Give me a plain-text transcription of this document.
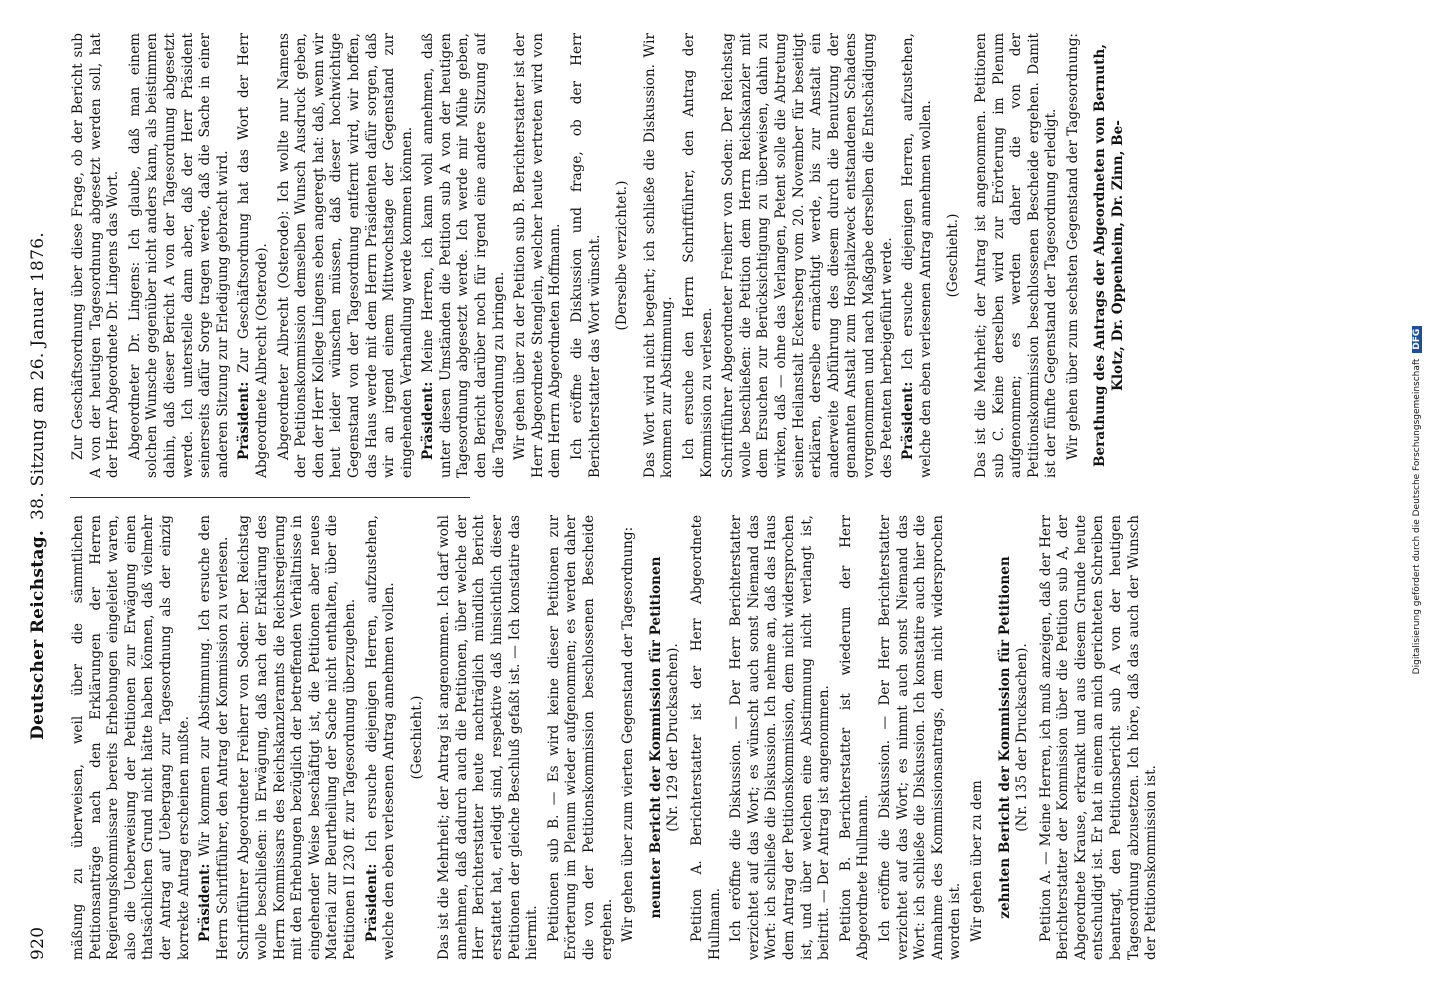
920
Deutscher Reichstag.
38. Sitzung am 26. Januar 1876.

mäßung zu überweisen, weil über die sämmtlichen Petitionsanträge nach den Erklärungen der Herren Regierungskommissare bereits Erhebungen eingeleitet waren, also die Ueberweisung der Petitionen zur Erwägung einen thatsächlichen Grund nicht hätte haben können, daß vielmehr der Antrag auf Uebergang zur Tagesordnung als der einzig korrekte Antrag erscheinen mußte. Präsident: Wir kommen zur Abstimmung. Ich ersuche den Herrn Schriftführer, den Antrag der Kommission zu verlesen. Schriftführer Abgeordneter Freiherr von Soden: Der Reichstag wolle beschließen: in Erwägung, daß nach der Erklärung des Herrn Kommissars des Reichskanzleramts die Reichsregierung mit den Erhebungen bezüglich der betreffenden Verhältnisse in eingehender Weise beschäftigt ist, die Petitionen aber neues Material zur Beurtheilung der Sache nicht enthalten, über die Petitionen II 230 ff. zur Tagesordnung überzugehen. Präsident: Ich ersuche diejenigen Herren, aufzustehen, welche den eben verlesenen Antrag annehmen wollen. (Geschieht.) Das ist die Mehrheit; der Antrag ist angenommen. Ich darf wohl annehmen, daß dadurch auch die Petitionen, über welche der Herr Berichterstatter heute nachträglich mündlich Bericht erstattet hat, erledigt sind, respektive daß hinsichtlich dieser Petitionen der gleiche Beschluß gefaßt ist. — Ich konstatire das hiermit. Petitionen sub B. — Es wird keine dieser Petitionen zur Erörterung im Plenum wieder aufgenommen; es werden daher die von der Petitionskommission beschlossenen Bescheide ergehen. Wir gehen über zum vierten Gegenstand der Tagesordnung: neunter Bericht der Kommission für Petitionen (Nr. 129 der Drucksachen). Petition A. Berichterstatter ist der Herr Abgeordnete Hullmann. Ich eröffne die Diskussion. — Der Herr Berichterstatter verzichtet auf das Wort; es wünscht auch sonst Niemand das Wort: ich schließe die Diskussion. Ich nehme an, daß das Haus dem Antrag der Petitionskommission, dem nicht widersprochen ist, und über welchen eine Abstimmung nicht verlangt ist, beitritt. — Der Antrag ist angenommen. Petition B. Berichterstatter ist wiederum der Herr Abgeordnete Hullmann. Ich eröffne die Diskussion. — Der Herr Berichterstatter verzichtet auf das Wort; es nimmt auch sonst Niemand das Wort: ich schließe die Diskussion. Ich konstatire auch hier die Annahme des Kommissionsantrags, dem nicht widersprochen worden ist. Wir gehen über zu dem zehnten Bericht der Kommission für Petitionen (Nr. 135 der Drucksachen). Petition A. — Meine Herren, ich muß anzeigen, daß der Herr Berichterstatter der Kommission über die Petition sub A, der Abgeordnete Krause, erkrankt und aus diesem Grunde heute entschuldigt ist. Er hat in einem an mich gerichteten Schreiben beantragt, den Petitionsbericht sub A von der heutigen Tagesordnung abzusetzen. Ich höre, daß das auch der Wunsch der Petitionskommission ist.

Zur Geschäftsordnung über diese Frage, ob der Bericht sub A von der heutigen Tagesordnung abgesetzt werden soll, hat der Herr Abgeordnete Dr. Lingens das Wort. Abgeordneter Dr. Lingens: Ich glaube, daß man einem solchen Wunsche gegenüber nicht anders kann, als beistimmen dahin, daß dieser Bericht A von der Tagesordnung abgesetzt werde. Ich unterstelle dann aber, daß der Herr Präsident seinerseits dafür Sorge tragen werde, daß die Sache in einer anderen Sitzung zur Erledigung gebracht wird. Präsident: Zur Geschäftsordnung hat das Wort der Herr Abgeordnete Albrecht (Osterode). Abgeordneter Albrecht (Osterode): Ich wollte nur Namens der Petitionskommission demselben Wunsch Ausdruck geben, den der Herr Kollege Lingens eben angeregt hat: daß, wenn wir heut leider wünschen müssen, daß dieser hochwichtige Gegenstand von der Tagesordnung entfernt wird, wir hoffen, das Haus werde mit dem Herrn Präsidenten dafür sorgen, daß wir an irgend einem Mittwochstage der Gegenstand zur eingehenden Verhandlung werde kommen können. Präsident: Meine Herren, ich kann wohl annehmen, daß unter diesen Umständen die Petition sub A von der heutigen Tagesordnung abgesetzt werde. Ich werde mir Mühe geben, den Bericht darüber noch für irgend eine andere Sitzung auf die Tagesordnung zu bringen. Wir gehen über zu der Petition sub B. Berichterstatter ist der Herr Abgeordnete Stenglein, welcher heute vertreten wird von dem Herrn Abgeordneten Hoffmann. Ich eröffne die Diskussion und frage, ob der Herr Berichterstatter das Wort wünscht. (Derselbe verzichtet.) Das Wort wird nicht begehrt; ich schließe die Diskussion. Wir kommen zur Abstimmung. Ich ersuche den Herrn Schriftführer, den Antrag der Kommission zu verlesen. Schriftführer Abgeordneter Freiherr von Soden: Der Reichstag wolle beschließen: die Petition dem Herrn Reichskanzler mit dem Ersuchen zur Berücksichtigung zu überweisen, dahin zu wirken, daß — ohne das Verlangen, Petent solle die Abtretung seiner Heilanstalt Eckersberg vom 20. November für beseitigt erklären, derselbe ermächtigt werde, bis zur Anstalt ein anderweite Abführung des diesem durch die Benutzung der genannten Anstalt zum Hospitalzweck entstandenen Schadens vorgenommen und nach Maßgabe derselben die Entschädigung des Petenten herbeigeführt werde. Präsident: Ich ersuche diejenigen Herren, aufzustehen, welche den eben verlesenen Antrag annehmen wollen. (Geschieht.) Das ist die Mehrheit; der Antrag ist angenommen. Petitionen sub C. Keine derselben wird zur Erörterung im Plenum aufgenommen; es werden daher die von der Petitionskommission beschlossenen Bescheide ergehen. Damit ist der fünfte Gegenstand der Tagesordnung erledigt. Wir gehen über zum sechsten Gegenstand der Tagesordnung: Berathung des Antrags der Abgeordneten von Bernuth, Klotz, Dr. Oppenheim, Dr. Zinn, Be-
Digitalisierung gefördert durch die Deutsche Forschungsgemeinschaft DFG
